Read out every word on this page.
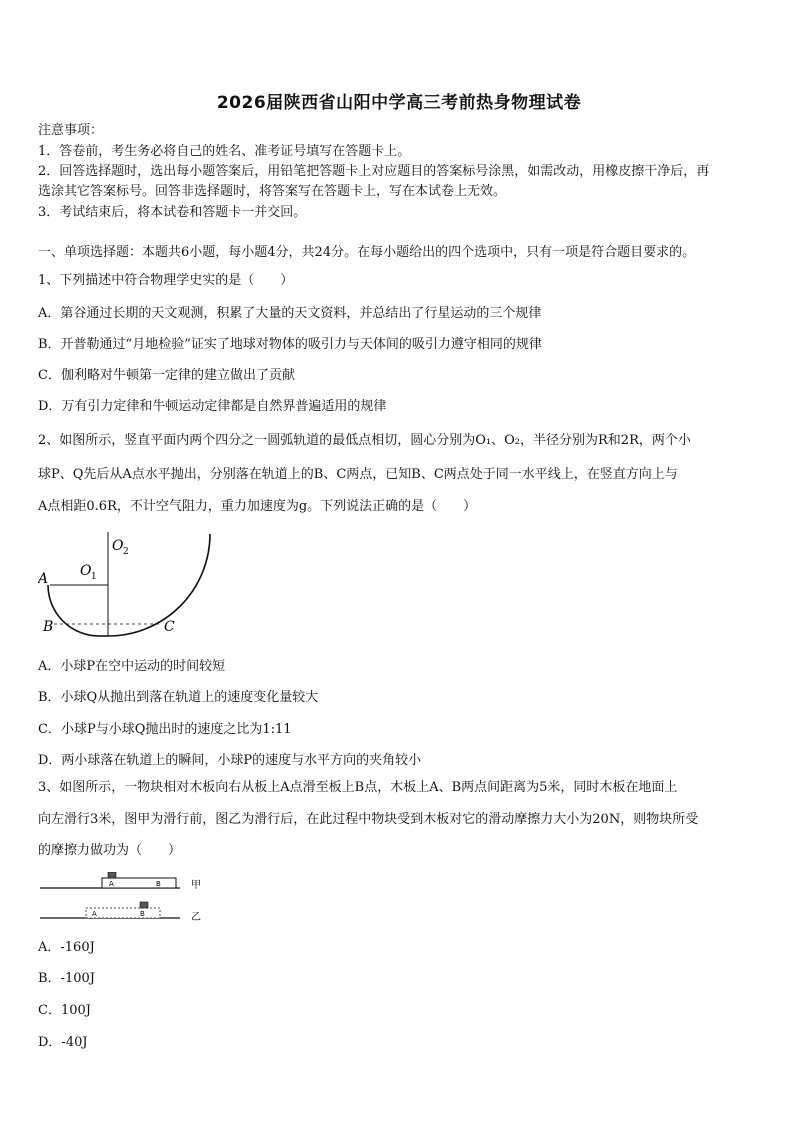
2026届陕西省山阳中学高三考前热身物理试卷
注意事项：
1．答卷前，考生务必将自己的姓名、准考证号填写在答题卡上。
2．回答选择题时，选出每小题答案后，用铅笔把答题卡上对应题目的答案标号涂黑，如需改动，用橡皮擦干净后，再
选涂其它答案标号。回答非选择题时，将答案写在答题卡上，写在本试卷上无效。
3．考试结束后，将本试卷和答题卡一并交回。
一、单项选择题：本题共6小题，每小题4分，共24分。在每小题给出的四个选项中，只有一项是符合题目要求的。
1、下列描述中符合物理学史实的是（　　）
A．第谷通过长期的天文观测，积累了大量的天文资料，并总结出了行星运动的三个规律
B．开普勒通过“月地检验”证实了地球对物体的吸引力与天体间的吸引力遵守相同的规律
C．伽利略对牛顿第一定律的建立做出了贡献
D．万有引力定律和牛顿运动定律都是自然界普遍适用的规律
2、如图所示，竖直平面内两个四分之一圆弧轨道的最低点相切，圆心分别为O₁、O₂，半径分别为R和2R，两个小
球P、Q先后从A点水平抛出，分别落在轨道上的B、C两点，已知B、C两点处于同一水平线上，在竖直方向上与
A点相距0.6R，不计空气阻力，重力加速度为g。下列说法正确的是（　　）
A O 1
O 2
B	C
A．小球P在空中运动的时间较短
B．小球Q从抛出到落在轨道上的速度变化量较大
C．小球P与小球Q抛出时的速度之比为1:11
D．两小球落在轨道上的瞬间，小球P的速度与水平方向的夹角较小
3、如图所示，一物块相对木板向右从板上A点滑至板上B点，木板上A、B两点间距离为5米，同时木板在地面上
向左滑行3米，图甲为滑行前，图乙为滑行后，在此过程中物块受到木板对它的滑动摩擦力大小为20N，则物块所受
的摩擦力做功为（　　）
A	B	甲
A	B	乙
A．-160J
B．-100J
C．100J
D．-40J
